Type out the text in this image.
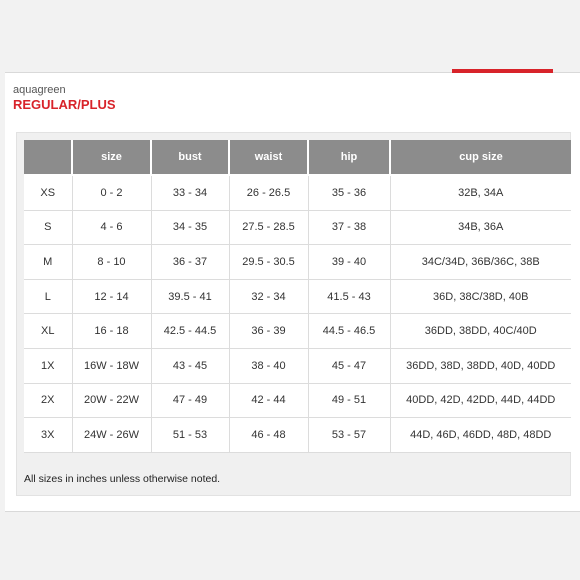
aquagreen
REGULAR/PLUS
	size	bust	waist	hip	cup size
XS	0 - 2	33 - 34	26 - 26.5	35 - 36	32B, 34A
S	4 - 6	34 - 35	27.5 - 28.5	37 - 38	34B, 36A
M	8 - 10	36 - 37	29.5 - 30.5	39 - 40	34C/34D, 36B/36C, 38B
L	12 - 14	39.5 - 41	32 - 34	41.5 - 43	36D, 38C/38D, 40B
XL	16 - 18	42.5 - 44.5	36 - 39	44.5 - 46.5	36DD, 38DD, 40C/40D
1X	16W - 18W	43 - 45	38 - 40	45 - 47	36DD, 38D, 38DD, 40D, 40DD
2X	20W - 22W	47 - 49	42 - 44	49 - 51	40DD, 42D, 42DD, 44D, 44DD
3X	24W - 26W	51 - 53	46 - 48	53 - 57	44D, 46D, 46DD, 48D, 48DD
All sizes in inches unless otherwise noted.
